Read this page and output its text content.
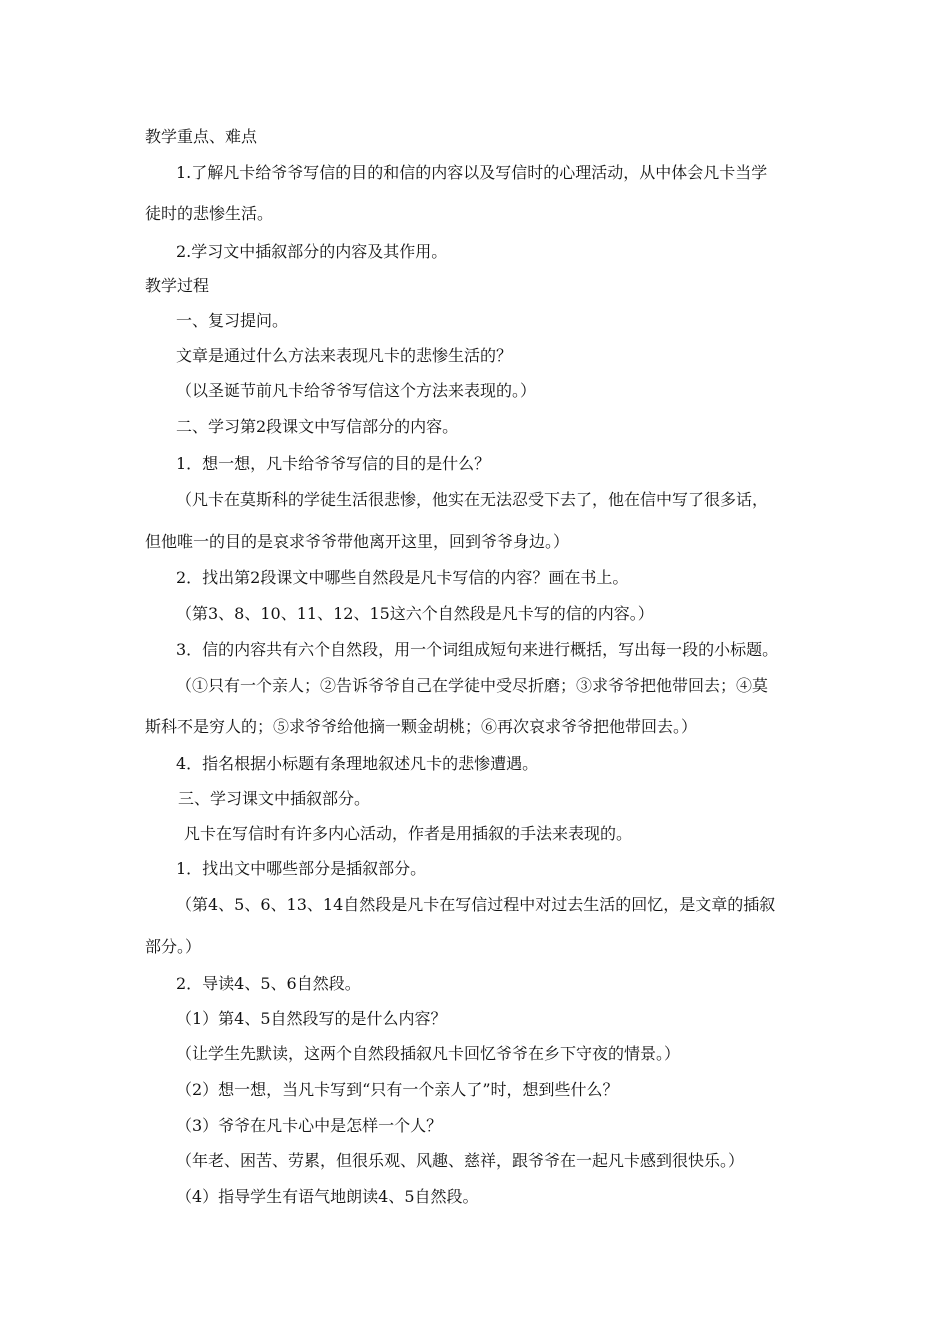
教学重点、难点
1.了解凡卡给爷爷写信的目的和信的内容以及写信时的心理活动，从中体会凡卡当学
徒时的悲惨生活。
2.学习文中插叙部分的内容及其作用。
教学过程
一、复习提问。
文章是通过什么方法来表现凡卡的悲惨生活的？
（以圣诞节前凡卡给爷爷写信这个方法来表现的。）
二、学习第2段课文中写信部分的内容。
1．想一想，凡卡给爷爷写信的目的是什么？
（凡卡在莫斯科的学徒生活很悲惨，他实在无法忍受下去了，他在信中写了很多话，
但他唯一的目的是哀求爷爷带他离开这里，回到爷爷身边。）
2．找出第2段课文中哪些自然段是凡卡写信的内容？画在书上。
（第3、8、10、11、12、15这六个自然段是凡卡写的信的内容。）
3．信的内容共有六个自然段，用一个词组成短句来进行概括，写出每一段的小标题。
（①只有一个亲人；②告诉爷爷自己在学徒中受尽折磨；③求爷爷把他带回去；④莫
斯科不是穷人的；⑤求爷爷给他摘一颗金胡桃；⑥再次哀求爷爷把他带回去。）
4．指名根据小标题有条理地叙述凡卡的悲惨遭遇。
三、学习课文中插叙部分。
凡卡在写信时有许多内心活动，作者是用插叙的手法来表现的。
1．找出文中哪些部分是插叙部分。
（第4、5、6、13、14自然段是凡卡在写信过程中对过去生活的回忆，是文章的插叙
部分。）
2．导读4、5、6自然段。
（1）第4、5自然段写的是什么内容？
（让学生先默读，这两个自然段插叙凡卡回忆爷爷在乡下守夜的情景。）
（2）想一想，当凡卡写到“只有一个亲人了”时，想到些什么？
（3）爷爷在凡卡心中是怎样一个人？
（年老、困苦、劳累，但很乐观、风趣、慈祥，跟爷爷在一起凡卡感到很快乐。）
（4）指导学生有语气地朗读4、5自然段。
